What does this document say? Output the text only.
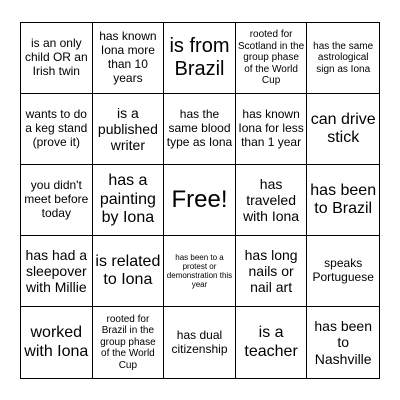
is an only child OR an Irish twin
has known Iona more than 10 years
is from Brazil
rooted for Scotland in the group phase of the World Cup
has the same astrological sign as Iona
wants to do a keg stand (prove it)
is a published writer
has the same blood type as Iona
has known Iona for less than 1 year
can drive stick
you didn't meet before today
has a painting by Iona
Free!
has traveled with Iona
has been to Brazil
has had a sleepover with Millie
is related to Iona
has been to a protest or demonstration this year
has long nails or nail art
speaks Portuguese
worked with Iona
rooted for Brazil in the group phase of the World Cup
has dual citizenship
is a teacher
has been to Nashville
